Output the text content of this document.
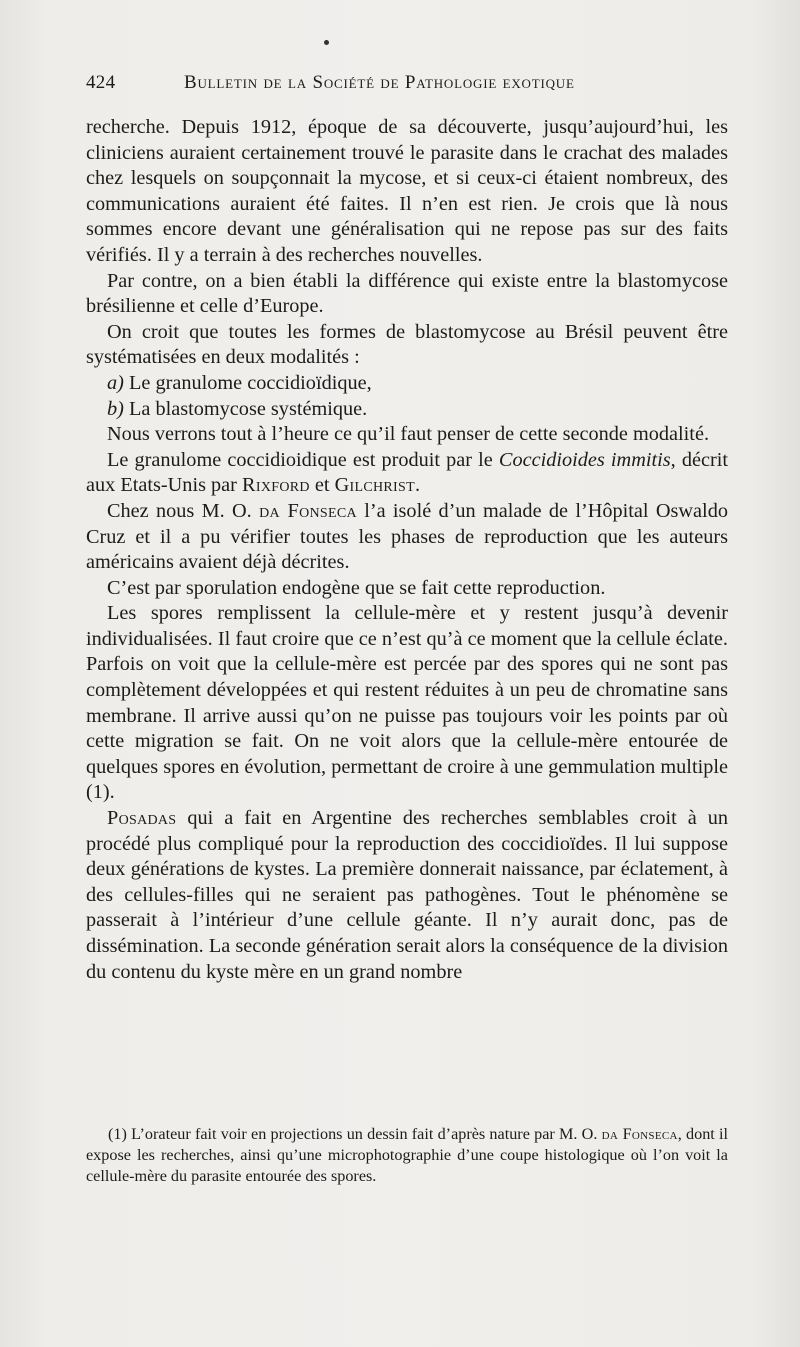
424	Bulletin de la Société de Pathologie exotique

recherche. Depuis 1912, époque de sa découverte, jusqu’aujourd’hui, les cliniciens auraient certainement trouvé le parasite dans le crachat des malades chez lesquels on soupçonnait la mycose, et si ceux-ci étaient nombreux, des communications auraient été faites. Il n’en est rien. Je crois que là nous sommes encore devant une généralisation qui ne repose pas sur des faits vérifiés. Il y a terrain à des recherches nouvelles.

Par contre, on a bien établi la différence qui existe entre la blastomycose brésilienne et celle d’Europe.

On croit que toutes les formes de blastomycose au Brésil peuvent être systématisées en deux modalités :

a) Le granulome coccidioïdique,

b) La blastomycose systémique.

Nous verrons tout à l’heure ce qu’il faut penser de cette seconde modalité.

Le granulome coccidioidique est produit par le Coccidioides immitis, décrit aux Etats-Unis par Rixford et Gilchrist.

Chez nous M. O. da Fonseca l’a isolé d’un malade de l’Hôpital Oswaldo Cruz et il a pu vérifier toutes les phases de reproduction que les auteurs américains avaient déjà décrites.

C’est par sporulation endogène que se fait cette reproduction.

Les spores remplissent la cellule-mère et y restent jusqu’à devenir individualisées. Il faut croire que ce n’est qu’à ce moment que la cellule éclate. Parfois on voit que la cellule-mère est percée par des spores qui ne sont pas complètement développées et qui restent réduites à un peu de chromatine sans membrane. Il arrive aussi qu’on ne puisse pas toujours voir les points par où cette migration se fait. On ne voit alors que la cellule-mère entourée de quelques spores en évolution, permettant de croire à une gemmulation multiple (1).

Posadas qui a fait en Argentine des recherches semblables croit à un procédé plus compliqué pour la reproduction des coccidioïdes. Il lui suppose deux générations de kystes. La première donnerait naissance, par éclatement, à des cellules-filles qui ne seraient pas pathogènes. Tout le phénomène se passerait à l’intérieur d’une cellule géante. Il n’y aurait donc, pas de dissémination. La seconde génération serait alors la conséquence de la division du contenu du kyste mère en un grand nombre

(1) L’orateur fait voir en projections un dessin fait d’après nature par M. O. da Fonseca, dont il expose les recherches, ainsi qu’une microphotographie d’une coupe histologique où l’on voit la cellule-mère du parasite entourée des spores.
